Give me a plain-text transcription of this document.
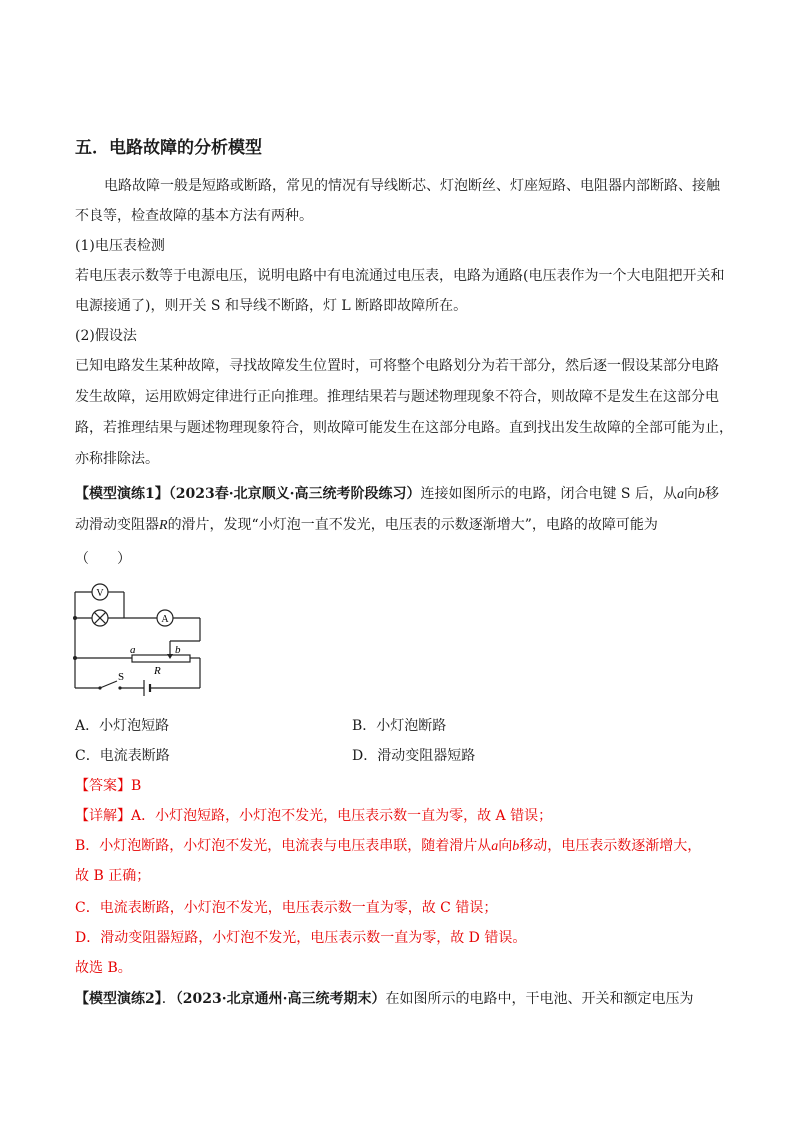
五．电路故障的分析模型
电路故障一般是短路或断路，常见的情况有导线断芯、灯泡断丝、灯座短路、电阻器内部断路、接触
不良等，检查故障的基本方法有两种。
(1)电压表检测
若电压表示数等于电源电压，说明电路中有电流通过电压表，电路为通路(电压表作为一个大电阻把开关和
电源接通了)，则开关 S 和导线不断路，灯 L 断路即故障所在。
(2)假设法
已知电路发生某种故障，寻找故障发生位置时，可将整个电路划分为若干部分，然后逐一假设某部分电路
发生故障，运用欧姆定律进行正向推理。推理结果若与题述物理现象不符合，则故障不是发生在这部分电
路，若推理结果与题述物理现象符合，则故障可能发生在这部分电路。直到找出发生故障的全部可能为止，
亦称排除法。
【模型演练1】（2023春·北京顺义·高三统考阶段练习）连接如图所示的电路，闭合电键 S 后，从a向b移
动滑动变阻器R的滑片，发现“小灯泡一直不发光，电压表的示数逐渐增大”，电路的故障可能为
（　　）
V
A
a	b
R
S
A．小灯泡短路	B．小灯泡断路
C．电流表断路	D．滑动变阻器短路
【答案】B
【详解】A．小灯泡短路，小灯泡不发光，电压表示数一直为零，故 A 错误；
B．小灯泡断路，小灯泡不发光，电流表与电压表串联，随着滑片从a向b移动，电压表示数逐渐增大，
故 B 正确；
C．电流表断路，小灯泡不发光，电压表示数一直为零，故 C 错误；
D．滑动变阻器短路，小灯泡不发光，电压表示数一直为零，故 D 错误。
故选 B。
【模型演练2】．（2023·北京通州·高三统考期末）在如图所示的电路中，干电池、开关和额定电压为
